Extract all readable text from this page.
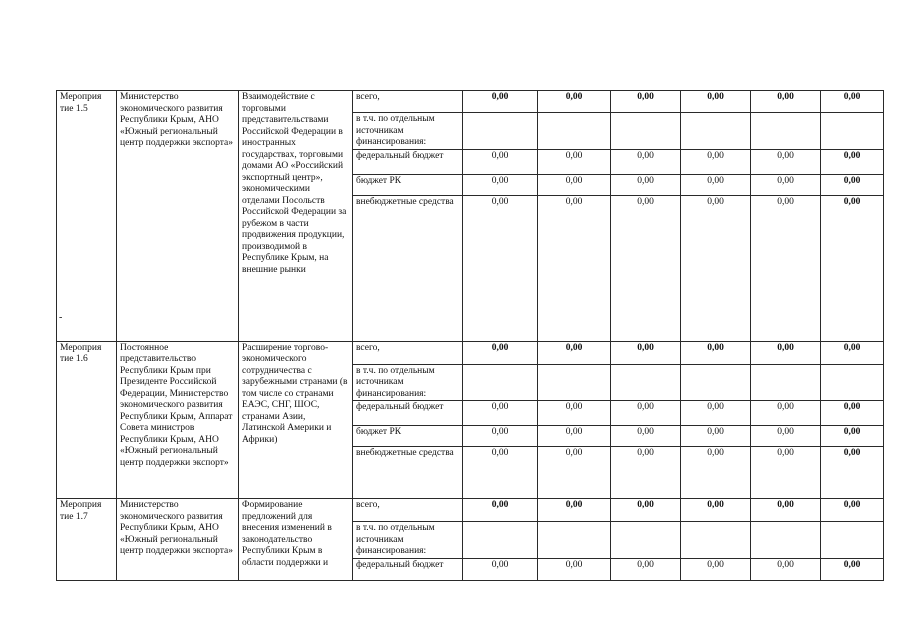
Мероприя тие 1.5	Министерство экономического развития Республики Крым, АНО «Южный региональный центр поддержки экспорта»	Взаимодействие с торговыми представительствами Российской Федерации в иностранных государствах, торговыми домами АО «Российский экспортный центр», экономическими отделами Посольств Российской Федерации за рубежом в части продвижения продукции, производимой в Республике Крым, на внешние рынки	всего,	0,00	0,00	0,00	0,00	0,00	0,00
			в т.ч. по отдельным источникам финансирования:						
			федеральный бюджет	0,00	0,00	0,00	0,00	0,00	0,00
			бюджет РК	0,00	0,00	0,00	0,00	0,00	0,00
			внебюджетные средства	0,00	0,00	0,00	0,00	0,00	0,00
Мероприя тие 1.6	Постоянное представительство Республики Крым при Президенте Российской Федерации, Министерство экономического развития Республики Крым, Аппарат Совета министров Республики Крым, АНО «Южный региональный центр поддержки экспорт»	Расширение торгово-экономического сотрудничества с зарубежными странами (в том числе со странами ЕАЭС, СНГ, ШОС, странами Азии, Латинской Америки и Африки)	всего,	0,00	0,00	0,00	0,00	0,00	0,00
			в т.ч. по отдельным источникам финансирования:						
			федеральный бюджет	0,00	0,00	0,00	0,00	0,00	0,00
			бюджет РК	0,00	0,00	0,00	0,00	0,00	0,00
			внебюджетные средства	0,00	0,00	0,00	0,00	0,00	0,00
Мероприя тие 1.7	Министерство экономического развития Республики Крым, АНО «Южный региональный центр поддержки экспорта»	Формирование предложений для внесения изменений в законодательство Республики Крым в области поддержки и	всего,	0,00	0,00	0,00	0,00	0,00	0,00
			в т.ч. по отдельным источникам финансирования:						
			федеральный бюджет	0,00	0,00	0,00	0,00	0,00	0,00
-
